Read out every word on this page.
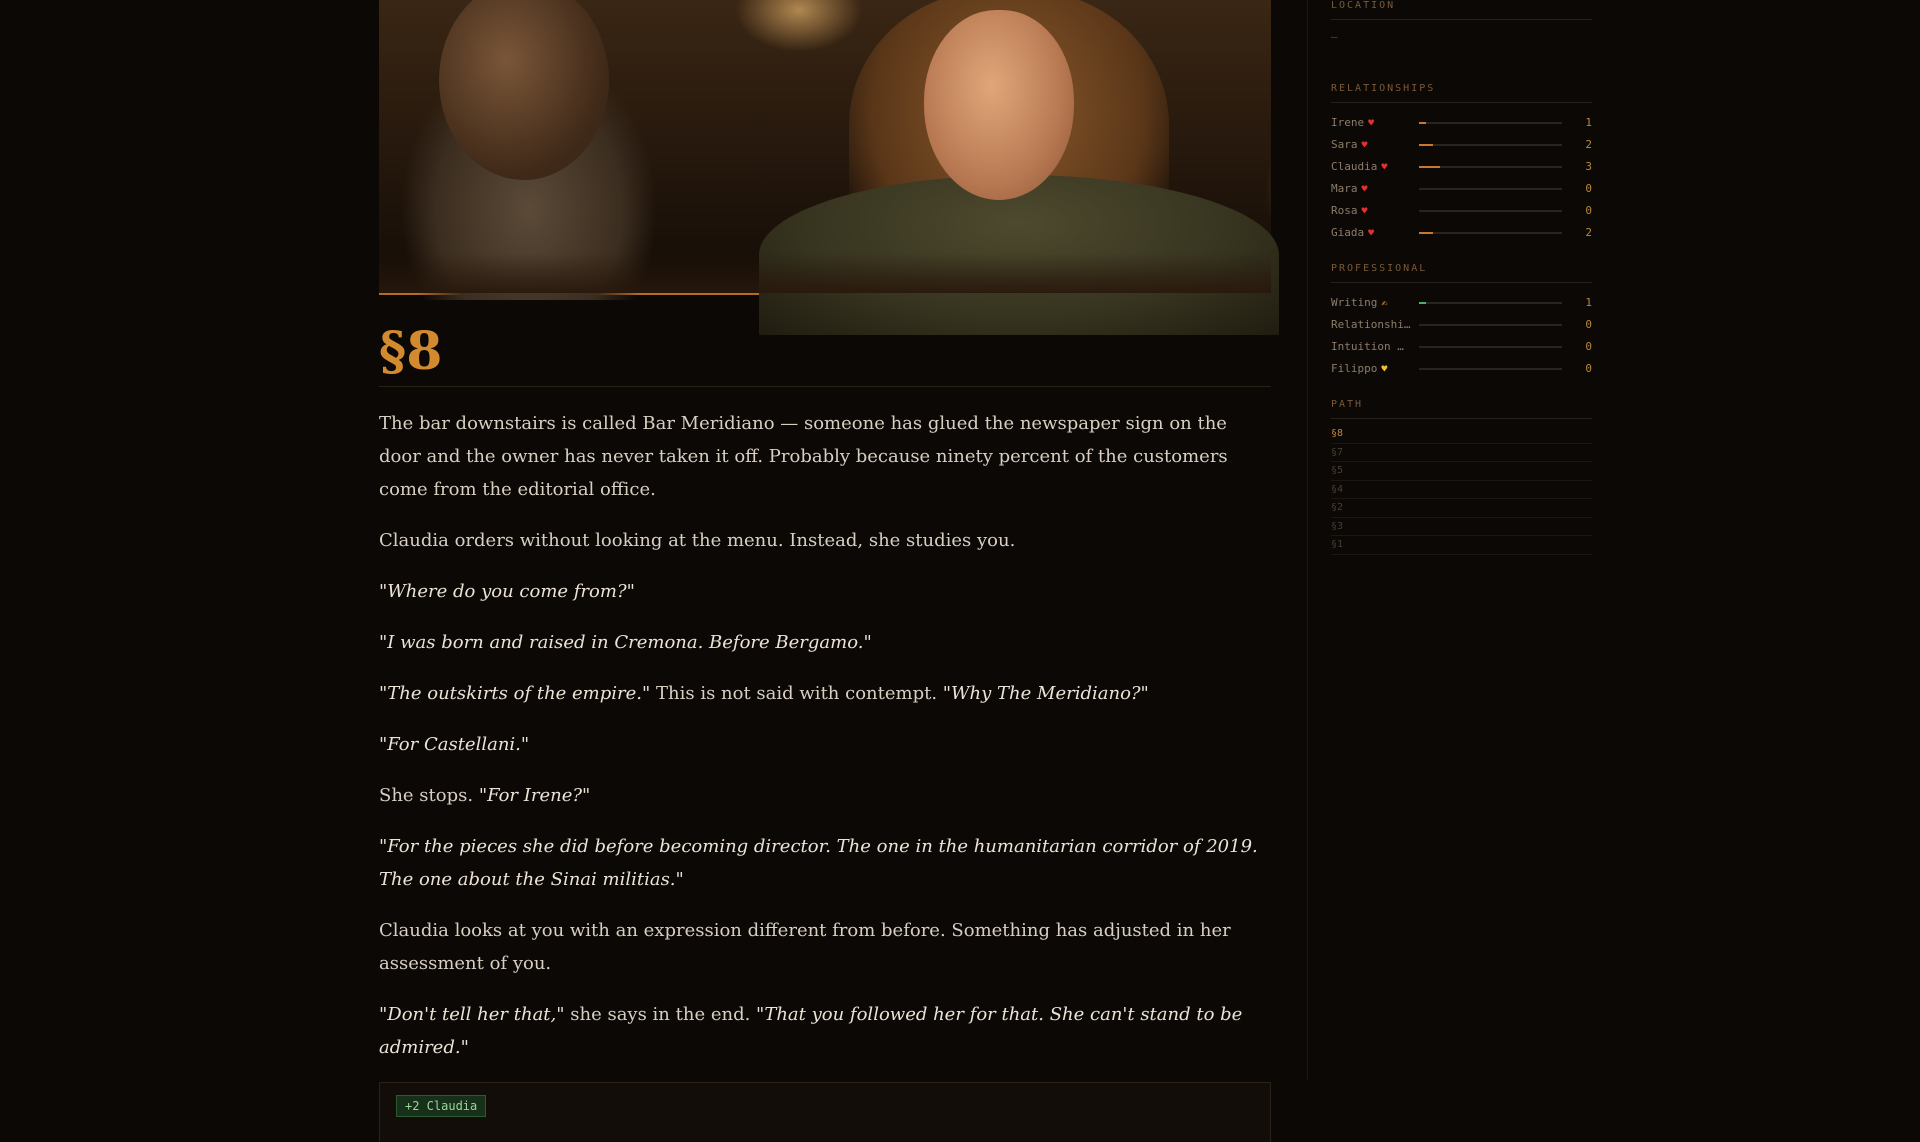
§8

The bar downstairs is called Bar Meridiano — someone has glued the newspaper sign on the door and the owner has never taken it off. Probably because ninety percent of the customers come from the editorial office.

Claudia orders without looking at the menu. Instead, she studies you.

"Where do you come from?"

"I was born and raised in Cremona. Before Bergamo."

"The outskirts of the empire." This is not said with contempt. "Why The Meridiano?"

"For Castellani."

She stops. "For Irene?"

"For the pieces she did before becoming director. The one in the humanitarian corridor of 2019. The one about the Sinai militias."

Claudia looks at you with an expression different from before. Something has adjusted in her assessment of you.

"Don't tell her that," she says in the end. "That you followed her for that. She can't stand to be admired."

+2 Claudia
LOCATION
—
RELATIONSHIPS
Irene ♥	1
Sara ♥	2
Claudia ♥	3
Mara ♥	0
Rosa ♥	0
Giada ♥	2
PROFESSIONAL
Writing ✍	1
Relationshi…	0
Intuition …	0
Filippo ♥	0
PATH
§8
§7
§5
§4
§2
§3
§1
